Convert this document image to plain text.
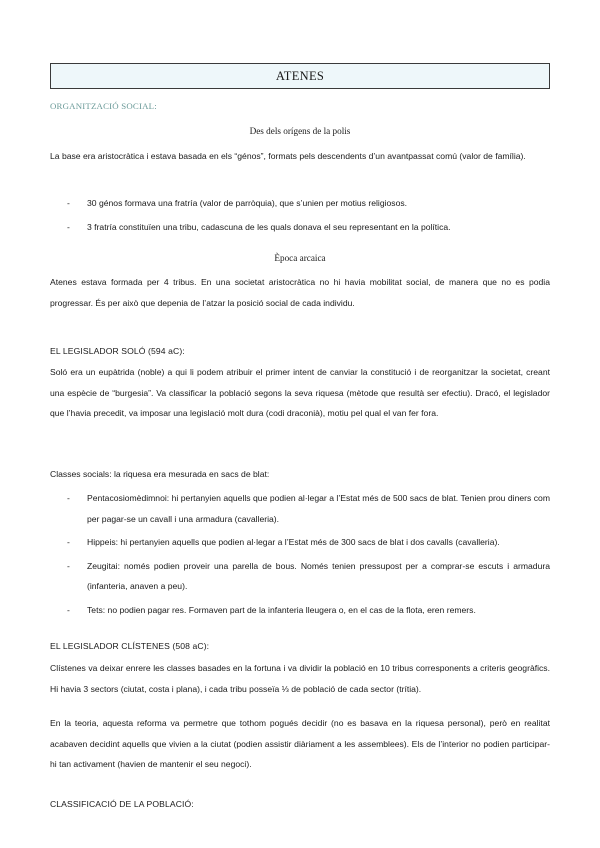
ATENES
ORGANITZACIÓ SOCIAL:
Des dels orígens de la polis
La base era aristocràtica i estava basada en els “génos”, formats pels descendents d’un avantpassat comú (valor de família).
- 30 génos formava una fratría (valor de parròquia), que s’unien per motius religiosos.
- 3 fratría constituïen una tribu, cadascuna de les quals donava el seu representant en la política.
Època arcaica
Atenes estava formada per 4 tribus. En una societat aristocràtica no hi havia mobilitat social, de manera que no es podia progressar. És per això que depenia de l’atzar la posició social de cada individu.
EL LEGISLADOR SOLÓ (594 aC):
Soló era un eupàtrida (noble) a qui li podem atribuir el primer intent de canviar la constitució i de reorganitzar la societat, creant una espècie de “burgesia”. Va classificar la població segons la seva riquesa (mètode que resultà ser efectiu). Dracó, el legislador que l’havia precedit, va imposar una legislació molt dura (codi draconià), motiu pel qual el van fer fora.
Classes socials: la riquesa era mesurada en sacs de blat:
- Pentacosiomèdimnoi: hi pertanyien aquells que podien al·legar a l’Estat més de 500 sacs de blat. Tenien prou diners com per pagar-se un cavall i una armadura (cavalleria).
- Hippeis: hi pertanyien aquells que podien al·legar a l’Estat més de 300 sacs de blat i dos cavalls (cavalleria).
- Zeugitai: només podien proveir una parella de bous. Només tenien pressupost per a comprar-se escuts i armadura (infanteria, anaven a peu).
- Tets: no podien pagar res. Formaven part de la infanteria lleugera o, en el cas de la flota, eren remers.
EL LEGISLADOR CLÍSTENES (508 aC):
Clístenes va deixar enrere les classes basades en la fortuna i va dividir la població en 10 tribus corresponents a criteris geogràfics. Hi havia 3 sectors (ciutat, costa i plana), i cada tribu posseïa ⅓ de població de cada sector (trítia).
En la teoria, aquesta reforma va permetre que tothom pogués decidir (no es basava en la riquesa personal), però en realitat acabaven decidint aquells que vivien a la ciutat (podien assistir diàriament a les assemblees). Els de l’interior no podien participar-hi tan activament (havien de mantenir el seu negoci).
CLASSIFICACIÓ DE LA POBLACIÓ:
